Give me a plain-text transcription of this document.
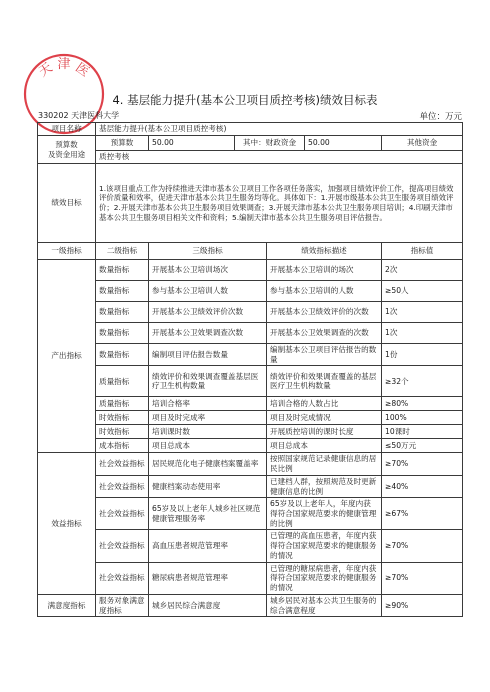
天 津 医
4. 基层能力提升(基本公卫项目质控考核)绩效目标表
330202 天津医科大学	单位：万元
项目名称	基层能力提升(基本公卫项目质控考核)					
预算数
及资金用途	预算数	50.00	其中：财政资金		50.00	其他资金
	质控考核					
绩效目标	1.该项目重点工作为持续推进天津市基本公卫项目工作各项任务落实，加强项目绩效评价工作，提高项目绩效评价质量和效率，促进天津市基本公共卫生服务均等化。具体如下：1.开展市级基本公共卫生服务项目绩效评价；2.开展天津市基本公共卫生服务项目效果调查；3.开展天津市基本公共卫生服务项目培训；4.印刷天津市基本公共卫生服务项目相关文件和资料；5.编制天津市基本公共卫生服务项目评估报告。					
一级指标	二级指标	三级指标		绩效指标描述		指标值
产出指标	数量指标	开展基本公卫培训场次		开展基本公卫培训的场次		2次
	数量指标	参与基本公卫培训人数		参与基本公卫培训的人数		≥50人
	数量指标	开展基本公卫绩效评价次数		开展基本公卫绩效评价的次数		1次
	数量指标	开展基本公卫效果调查次数		开展基本公卫效果调查的次数		1次
	数量指标	编制项目评估报告数量		编制基本公卫项目评估报告的数量		1份
	质量指标	绩效评价和效果调查覆盖基层医疗卫生机构数量		绩效评价和效果调查覆盖的基层医疗卫生机构数量		≥32个
	质量指标	培训合格率		培训合格的人数占比		≥80%
	时效指标	项目及时完成率		项目及时完成情况		100%
	时效指标	培训课时数		开展质控培训的课时长度		10课时
	成本指标	项目总成本		项目总成本		≤50万元
效益指标	社会效益指标	居民规范化电子健康档案覆盖率		按照国家规范记录健康信息的居民比例		≥70%
	社会效益指标	健康档案动态使用率		已建档人群，按照规范及时更新健康信息的比例		≥40%
	社会效益指标	65岁及以上老年人城乡社区规范健康管理服务率		65岁及以上老年人，年度内获得符合国家规范要求的健康管理的比例		≥67%
	社会效益指标	高血压患者规范管理率		已管理的高血压患者，年度内获得符合国家规范要求的健康服务的情况		≥70%
	社会效益指标	糖尿病患者规范管理率		已管理的糖尿病患者，年度内获得符合国家规范要求的健康服务的情况		≥70%
满意度指标	服务对象满意度指标	城乡居民综合满意度		城乡居民对基本公共卫生服务的综合满意程度		≥90%
